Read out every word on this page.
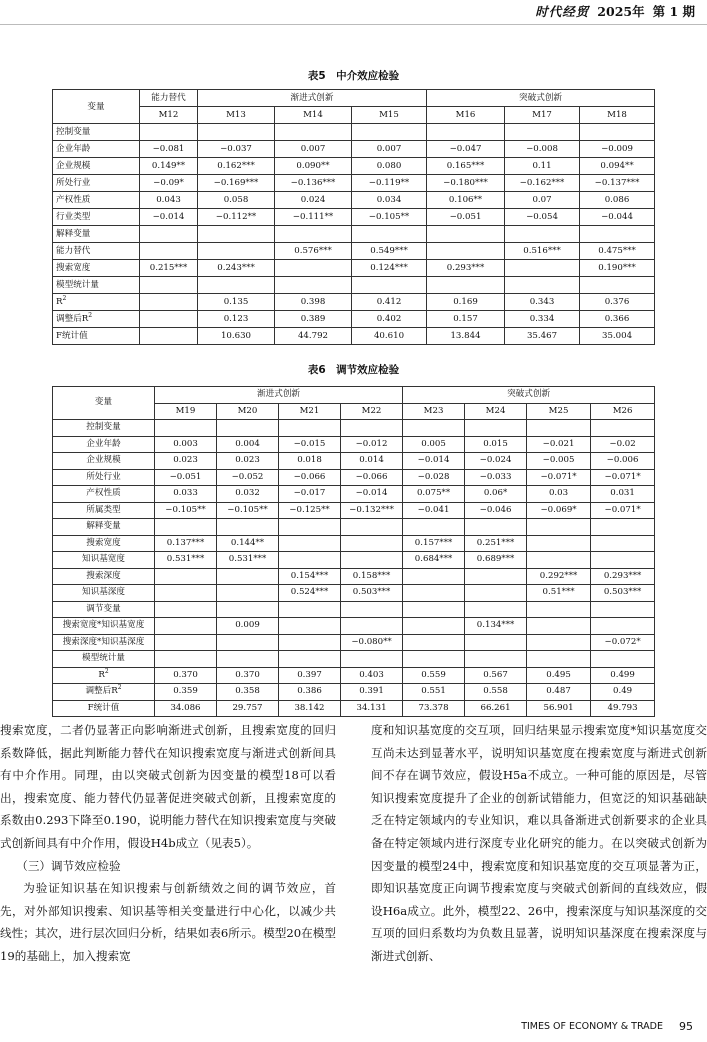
时代经贸 2025年 第 1 期
表5　中介效应检验
变量	能力替代	渐进式创新			突破式创新		
	M12	M13	M14	M15	M16	M17	M18
控制变量							
企业年龄	−0.081	−0.037	0.007	0.007	−0.047	−0.008	−0.009
企业规模	0.149**	0.162***	0.090**	0.080	0.165***	0.11	0.094**
所处行业	−0.09*	−0.169***	−0.136***	−0.119**	−0.180***	−0.162***	−0.137***
产权性质	0.043	0.058	0.024	0.034	0.106**	0.07	0.086
行业类型	−0.014	−0.112**	−0.111**	−0.105**	−0.051	−0.054	−0.044
解释变量							
能力替代			0.576***	0.549***		0.516***	0.475***
搜索宽度	0.215***	0.243***		0.124***	0.293***		0.190***
模型统计量							
$R^2$		0.135	0.398	0.412	0.169	0.343	0.376
调整后$R^2$		0.123	0.389	0.402	0.157	0.334	0.366
F统计值		10.630	44.792	40.610	13.844	35.467	35.004
表6　调节效应检验
变量	渐进式创新				突破式创新			
	M19	M20	M21	M22	M23	M24	M25	M26
控制变量								
企业年龄	0.003	0.004	−0.015	−0.012	0.005	0.015	−0.021	−0.02
企业规模	0.023	0.023	0.018	0.014	−0.014	−0.024	−0.005	−0.006
所处行业	−0.051	−0.052	−0.066	−0.066	−0.028	−0.033	−0.071*	−0.071*
产权性质	0.033	0.032	−0.017	−0.014	0.075**	0.06*	0.03	0.031
所属类型	−0.105**	−0.105**	−0.125**	−0.132***	−0.041	−0.046	−0.069*	−0.071*
解释变量								
搜索宽度	0.137***	0.144**			0.157***	0.251***		
知识基宽度	0.531***	0.531***			0.684***	0.689***		
搜索深度			0.154***	0.158***			0.292***	0.293***
知识基深度			0.524***	0.503***			0.51***	0.503***
调节变量								
搜索宽度*知识基宽度		0.009				0.134***		
搜索深度*知识基深度				−0.080**				−0.072*
模型统计量								
$R^2$	0.370	0.370	0.397	0.403	0.559	0.567	0.495	0.499
调整后$R^2$	0.359	0.358	0.386	0.391	0.551	0.558	0.487	0.49
F统计值	34.086	29.757	38.142	34.131	73.378	66.261	56.901	49.793

搜索宽度，二者仍显著正向影响渐进式创新，且搜索宽度的回归系数降低，据此判断能力替代在知识搜索宽度与渐进式创新间具有中介作用。同理，由以突破式创新为因变量的模型18可以看出，搜索宽度、能力替代仍显著促进突破式创新，且搜索宽度的系数由0.293下降至0.190，说明能力替代在知识搜索宽度与突破式创新间具有中介作用，假设H4b成立（见表5）。

（三）调节效应检验

为验证知识基在知识搜索与创新绩效之间的调节效应，首先，对外部知识搜索、知识基等相关变量进行中心化，以减少共线性；其次，进行层次回归分析，结果如表6所示。模型20在模型19的基础上，加入搜索宽

度和知识基宽度的交互项，回归结果显示搜索宽度*知识基宽度交互尚未达到显著水平，说明知识基宽度在搜索宽度与渐进式创新间不存在调节效应，假设H5a不成立。一种可能的原因是，尽管知识搜索宽度提升了企业的创新试错能力，但宽泛的知识基础缺乏在特定领域内的专业知识，难以具备渐进式创新要求的企业具备在特定领域内进行深度专业化研究的能力。在以突破式创新为因变量的模型24中，搜索宽度和知识基宽度的交互项显著为正，即知识基宽度正向调节搜索宽度与突破式创新间的直线效应，假设H6a成立。此外，模型22、26中，搜索深度与知识基深度的交互项的回归系数均为负数且显著，说明知识基深度在搜索深度与渐进式创新、

TIMES OF ECONOMY & TRADE 95
